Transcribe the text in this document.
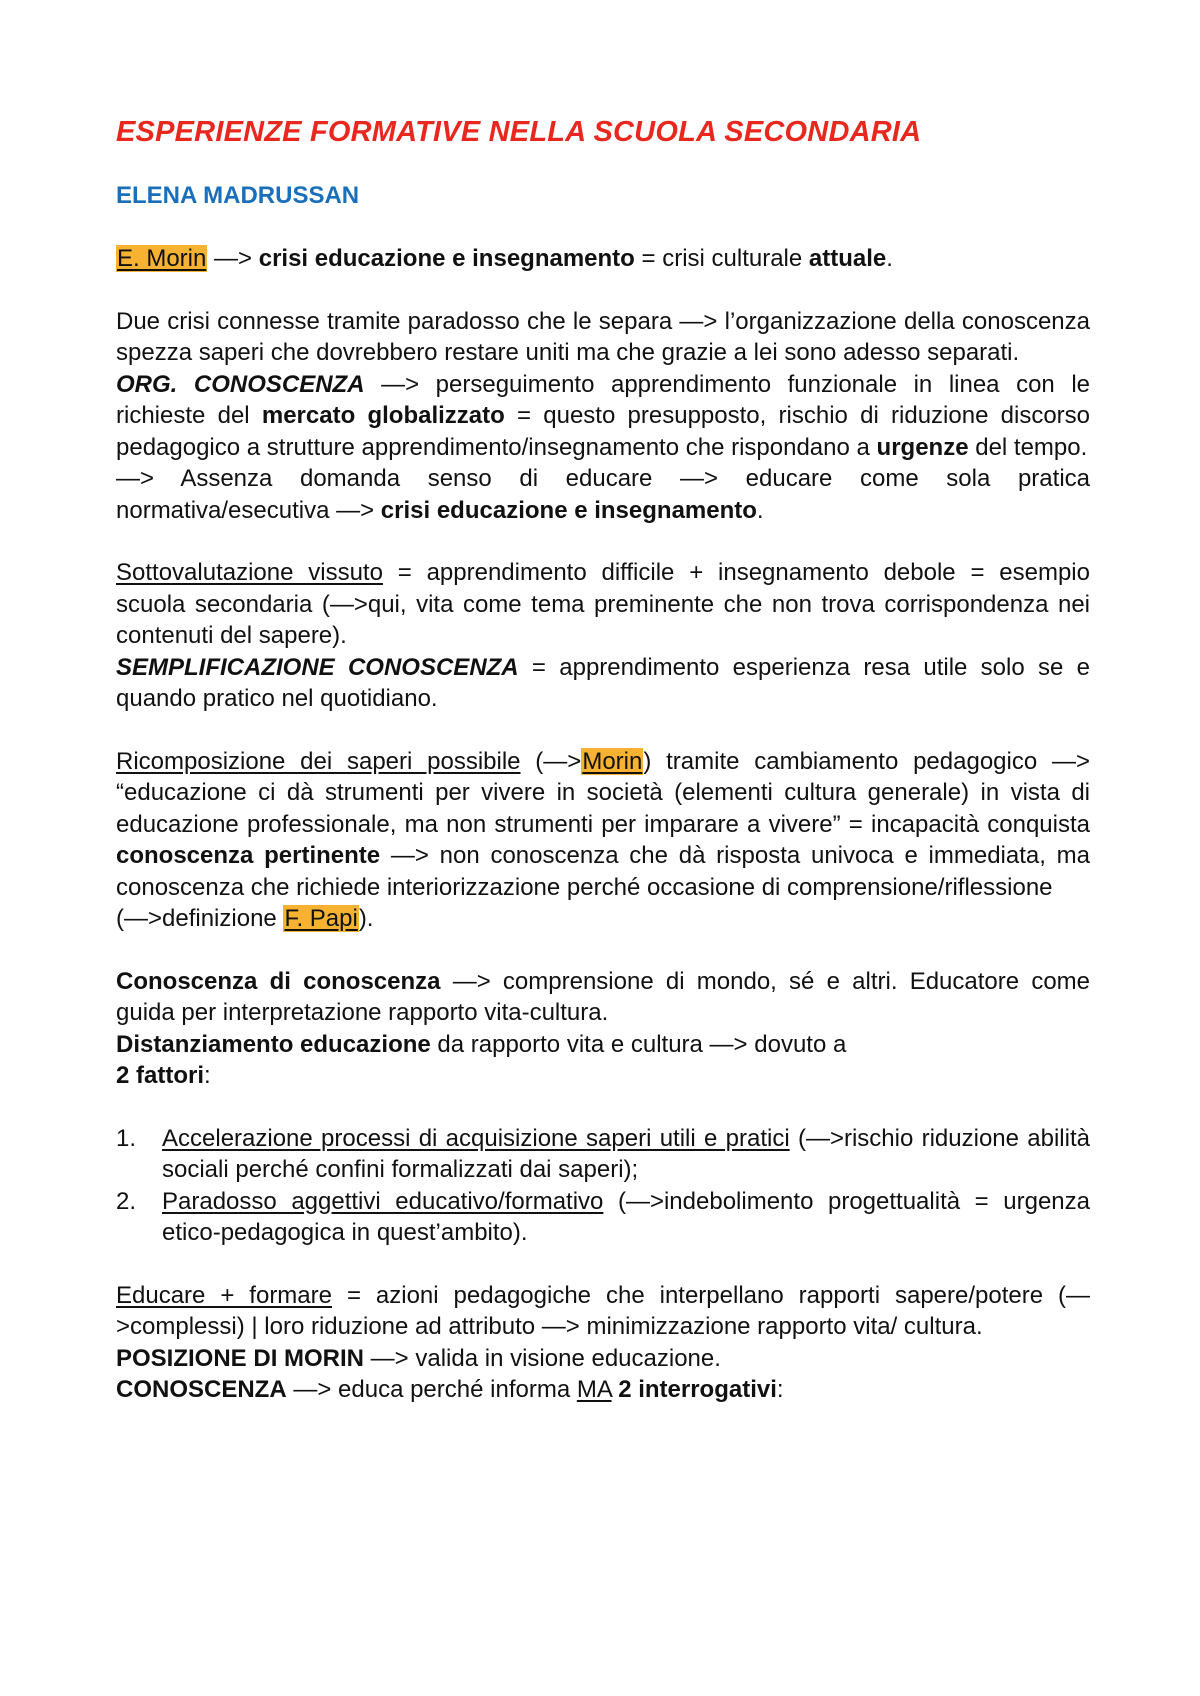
ESPERIENZE FORMATIVE NELLA SCUOLA SECONDARIA
ELENA MADRUSSAN

E. Morin —> crisi educazione e insegnamento = crisi culturale attuale.

Due crisi connesse tramite paradosso che le separa —> l’organizzazione della conoscenza spezza saperi che dovrebbero restare uniti ma che grazie a lei sono adesso separati.

ORG. CONOSCENZA —> perseguimento apprendimento funzionale in linea con le richieste del mercato globalizzato = questo presupposto, rischio di riduzione discorso pedagogico a strutture apprendimento/insegnamento che rispondano a urgenze del tempo.

—> Assenza domanda senso di educare —> educare come sola pratica normativa/esecutiva —> crisi educazione e insegnamento.

Sottovalutazione vissuto = apprendimento difficile + insegnamento debole = esempio scuola secondaria (—>qui, vita come tema preminente che non trova corrispondenza nei contenuti del sapere).

SEMPLIFICAZIONE CONOSCENZA = apprendimento esperienza resa utile solo se e quando pratico nel quotidiano.

Ricomposizione dei saperi possibile (—>Morin) tramite cambiamento pedagogico —> “educazione ci dà strumenti per vivere in società (elementi cultura generale) in vista di educazione professionale, ma non strumenti per imparare a vivere” = incapacità conquista conoscenza pertinente —> non conoscenza che dà risposta univoca e immediata, ma conoscenza che richiede interiorizzazione perché occasione di comprensione/riflessione

(—>definizione F. Papi).

Conoscenza di conoscenza —> comprensione di mondo, sé e altri. Educatore come guida per interpretazione rapporto vita-cultura.

Distanziamento educazione da rapporto vita e cultura —> dovuto a

2 fattori:

1. Accelerazione processi di acquisizione saperi utili e pratici (—>rischio riduzione abilità sociali perché confini formalizzati dai saperi);
2. Paradosso aggettivi educativo/formativo (—>indebolimento progettualità = urgenza etico-pedagogica in quest’ambito).

Educare + formare = azioni pedagogiche che interpellano rapporti sapere/potere (—>complessi) | loro riduzione ad attributo —> minimizzazione rapporto vita/ cultura.

POSIZIONE DI MORIN —> valida in visione educazione.

CONOSCENZA —> educa perché informa MA 2 interrogativi:
